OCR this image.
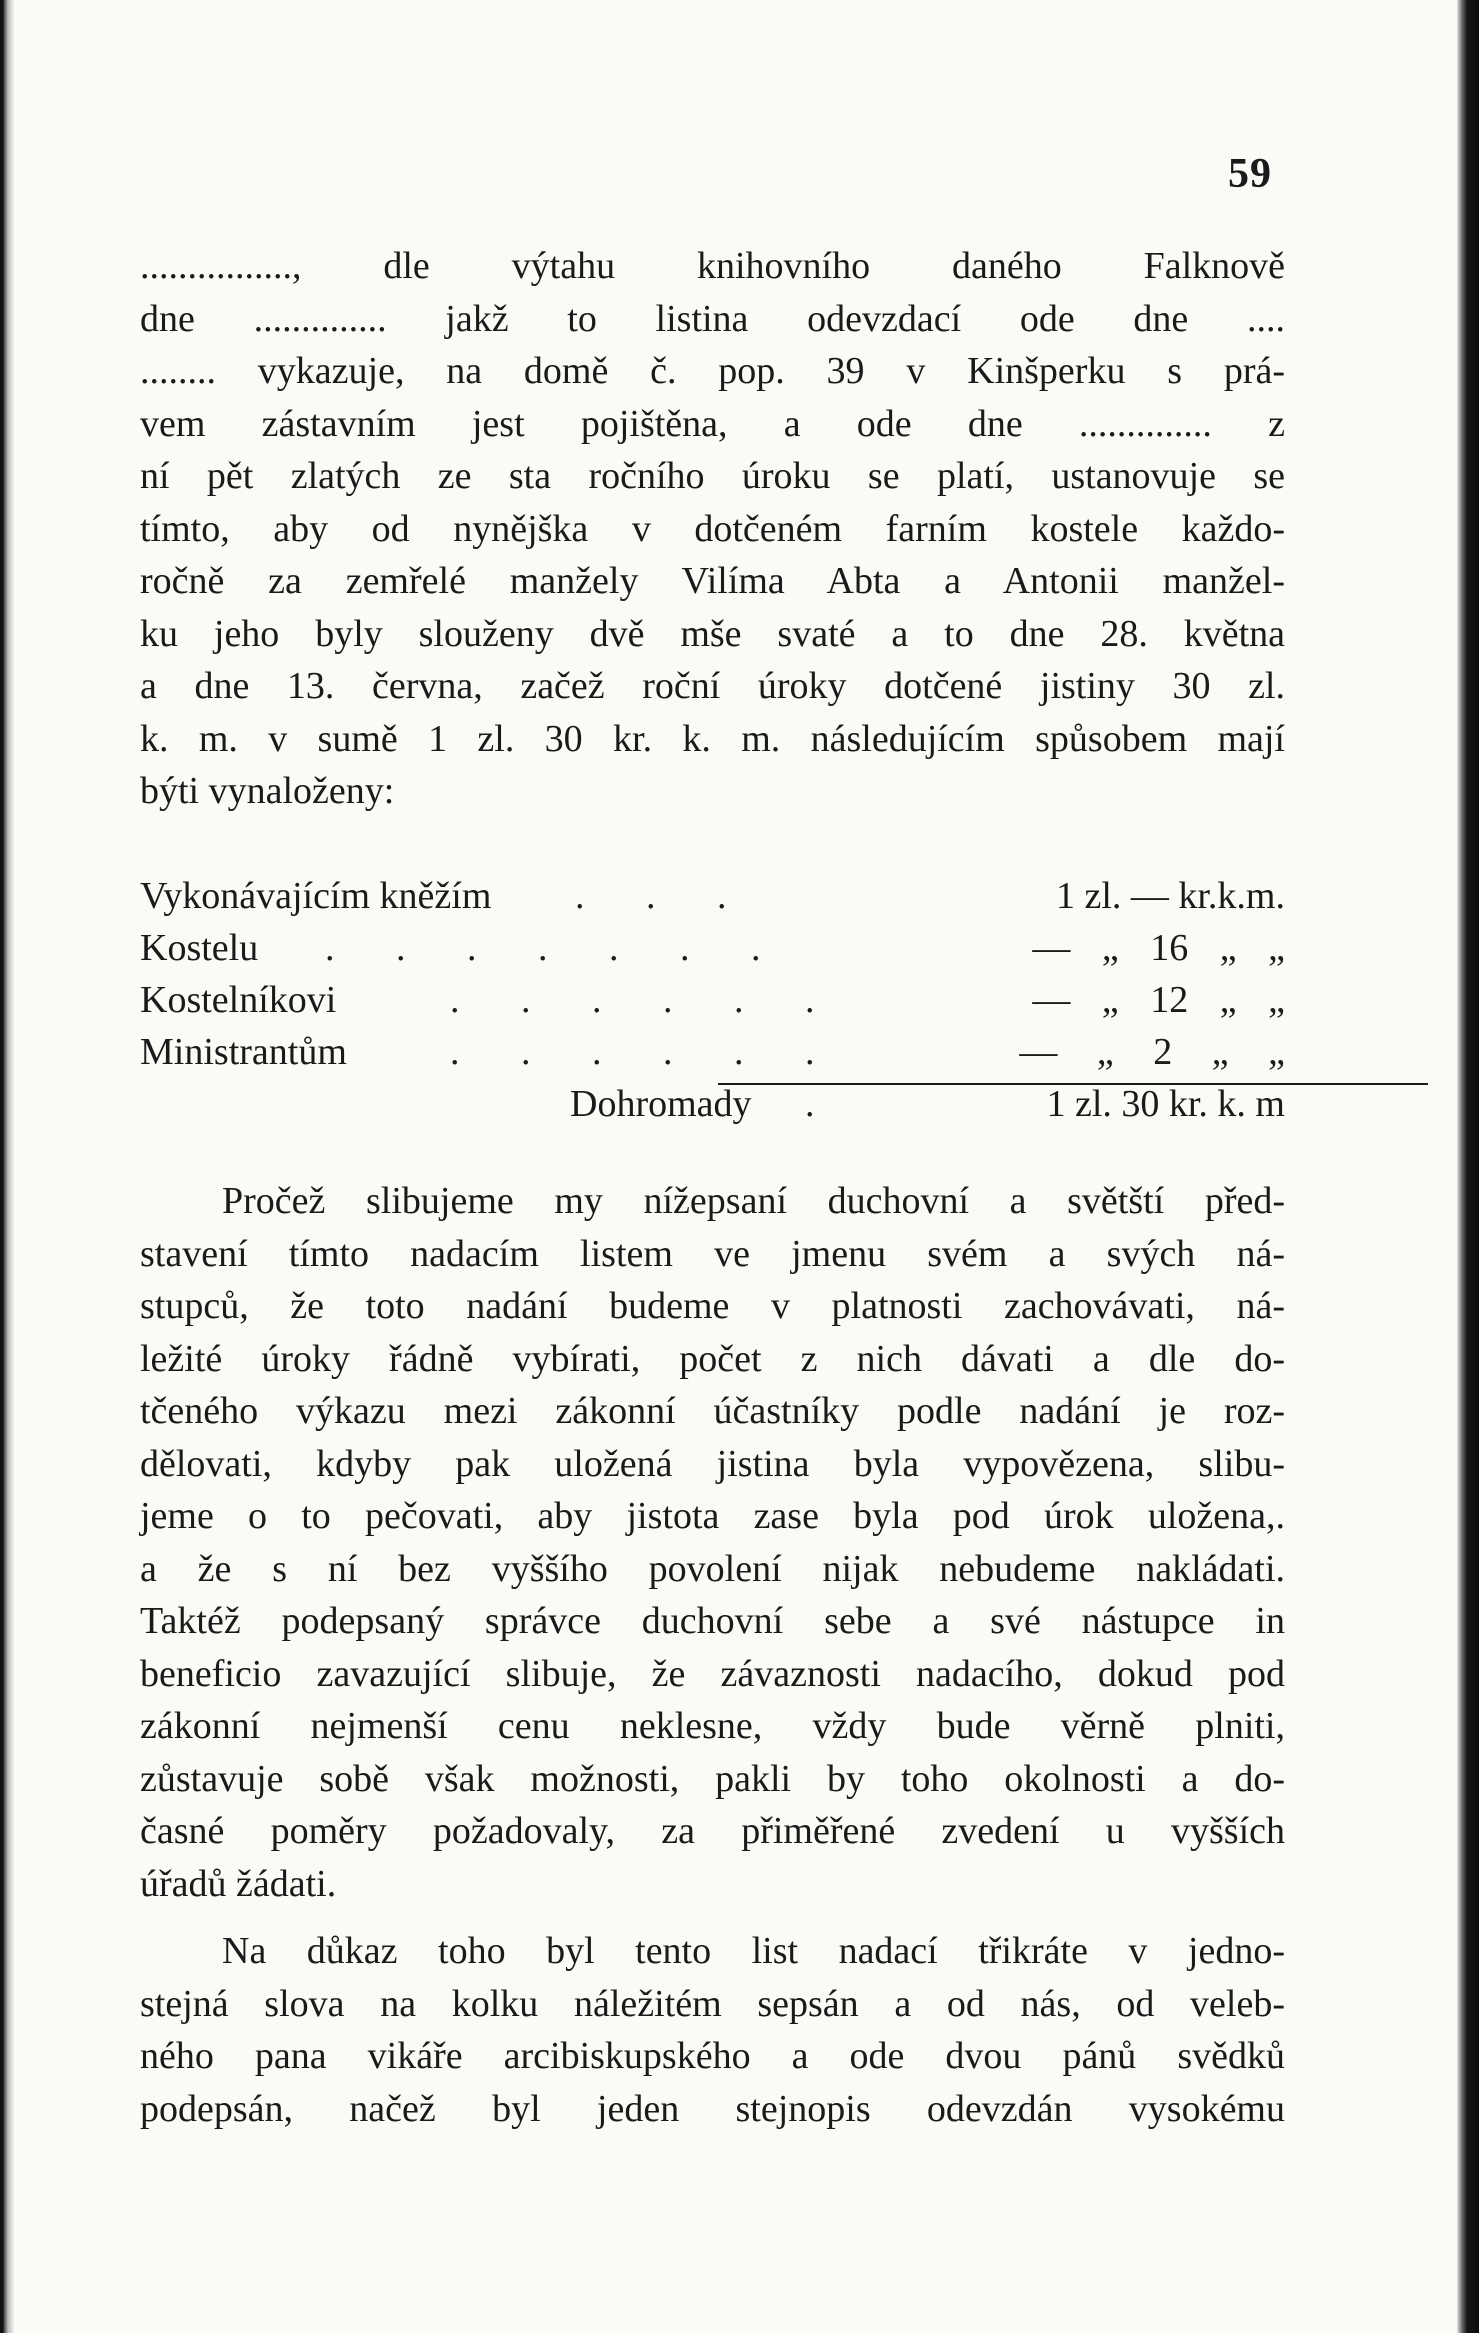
59
................, dle výtahu knihovního daného Falknově
dne .............. jakž to listina odevzdací ode dne ....
........ vykazuje, na domě č. pop. 39 v Kinšperku s prá-
vem zástavním jest pojištěna, a ode dne .............. z
ní pět zlatých ze sta ročního úroku se platí, ustanovuje se
tímto, aby od nynějška v dotčeném farním kostele každo-
ročně za zemřelé manžely Vilíma Abta a Antonii manžel-
ku jeho byly slouženy dvě mše svaté a to dne 28. května
a dne 13. června, začež roční úroky dotčené jistiny 30 zl.
k. m. v sumě 1 zl. 30 kr. k. m. následujícím spůsobem mají
býti vynaloženy:
Vykonávajícím kněžím . . .	1 zl. — kr.k.m.
Kostelu . . . . . . .	— „ 16 „ „
Kostelníkovi	. . . . . .	— „ 12 „ „
Ministrantům	. . . . . .	— „ 2 „ „
Dohromady .	1 zl. 30 kr. k. m
Pročež slibujeme my nížepsaní duchovní a světští před-
stavení tímto nadacím listem ve jmenu svém a svých ná-
stupců, že toto nadání budeme v platnosti zachovávati, ná-
ležité úroky řádně vybírati, počet z nich dávati a dle do-
tčeného výkazu mezi zákonní účastníky podle nadání je roz-
dělovati, kdyby pak uložená jistina byla vypovězena, slibu-
jeme o to pečovati, aby jistota zase byla pod úrok uložena,.
a že s ní bez vyššího povolení nijak nebudeme nakládati.
Taktéž podepsaný správce duchovní sebe a své nástupce in
beneficio zavazující slibuje, že závaznosti nadacího, dokud pod
zákonní nejmenší cenu neklesne, vždy bude věrně plniti,
zůstavuje sobě však možnosti, pakli by toho okolnosti a do-
časné poměry požadovaly, za přiměřené zvedení u vyšších
úřadů žádati.
Na důkaz toho byl tento list nadací třikráte v jedno-
stejná slova na kolku náležitém sepsán a od nás, od veleb-
ného pana vikáře arcibiskupského a ode dvou pánů svědků
podepsán, načež byl jeden stejnopis odevzdán vysokému
